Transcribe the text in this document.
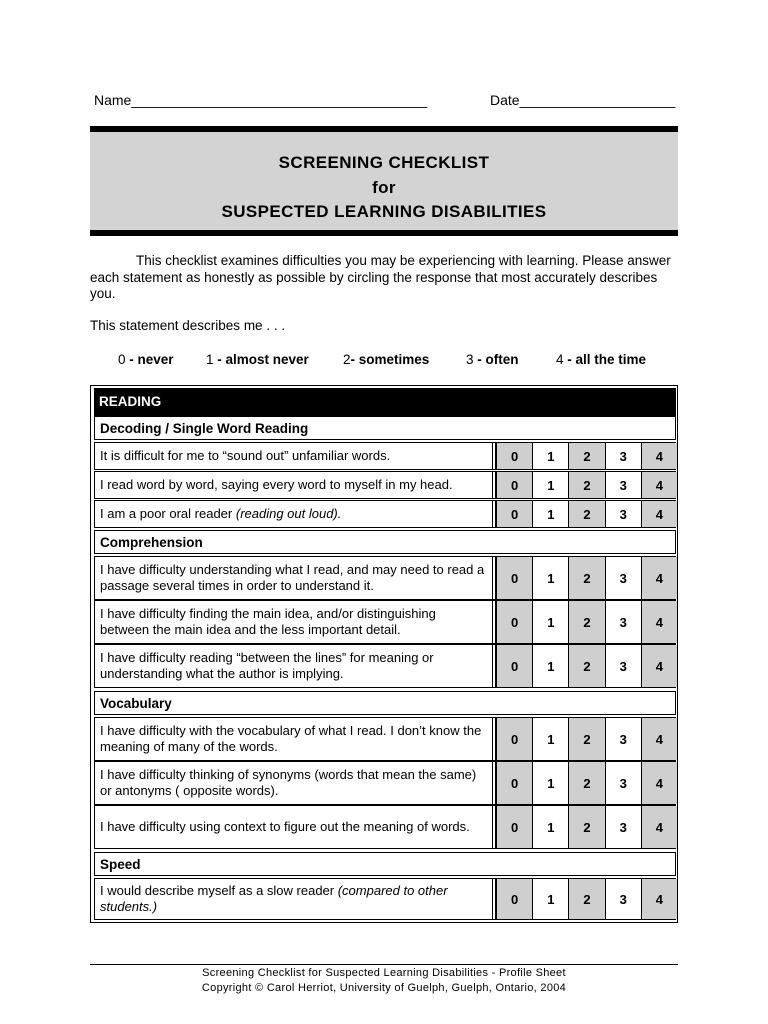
Name______________________________________	Date____________________
SCREENING CHECKLIST
for
SUSPECTED LEARNING DISABILITIES
This checklist examines difficulties you may be experiencing with learning. Please answer each statement as honestly as possible by circling the response that most accurately describes you.
This statement describes me . . .
0 - never 1 - almost never	2- sometimes	3 - often	4 - all the time
READING
Decoding / Single Word Reading
It is difficult for me to “sound out” unfamiliar words.	0	1	2	3	4
I read word by word, saying every word to myself in my head.	0	1	2	3	4
I am a poor oral reader (reading out loud).	0	1	2	3	4
Comprehension
I have difficulty understanding what I read, and may need to read a passage several times in order to understand it.	0	1	2	3	4
I have difficulty finding the main idea, and/or distinguishing between the main idea and the less important detail.	0	1	2	3	4
I have difficulty reading “between the lines” for meaning or understanding what the author is implying.	0	1	2	3	4
Vocabulary
I have difficulty with the vocabulary of what I read. I don’t know the meaning of many of the words.	0	1	2	3	4
I have difficulty thinking of synonyms (words that mean the same) or antonyms ( opposite words).	0	1	2	3	4
I have difficulty using context to figure out the meaning of words.	0	1	2	3	4
Speed
I would describe myself as a slow reader (compared to other students.)	0	1	2	3	4
Screening Checklist for Suspected Learning Disabilities - Profile Sheet
Copyright © Carol Herriot, University of Guelph, Guelph, Ontario, 2004
